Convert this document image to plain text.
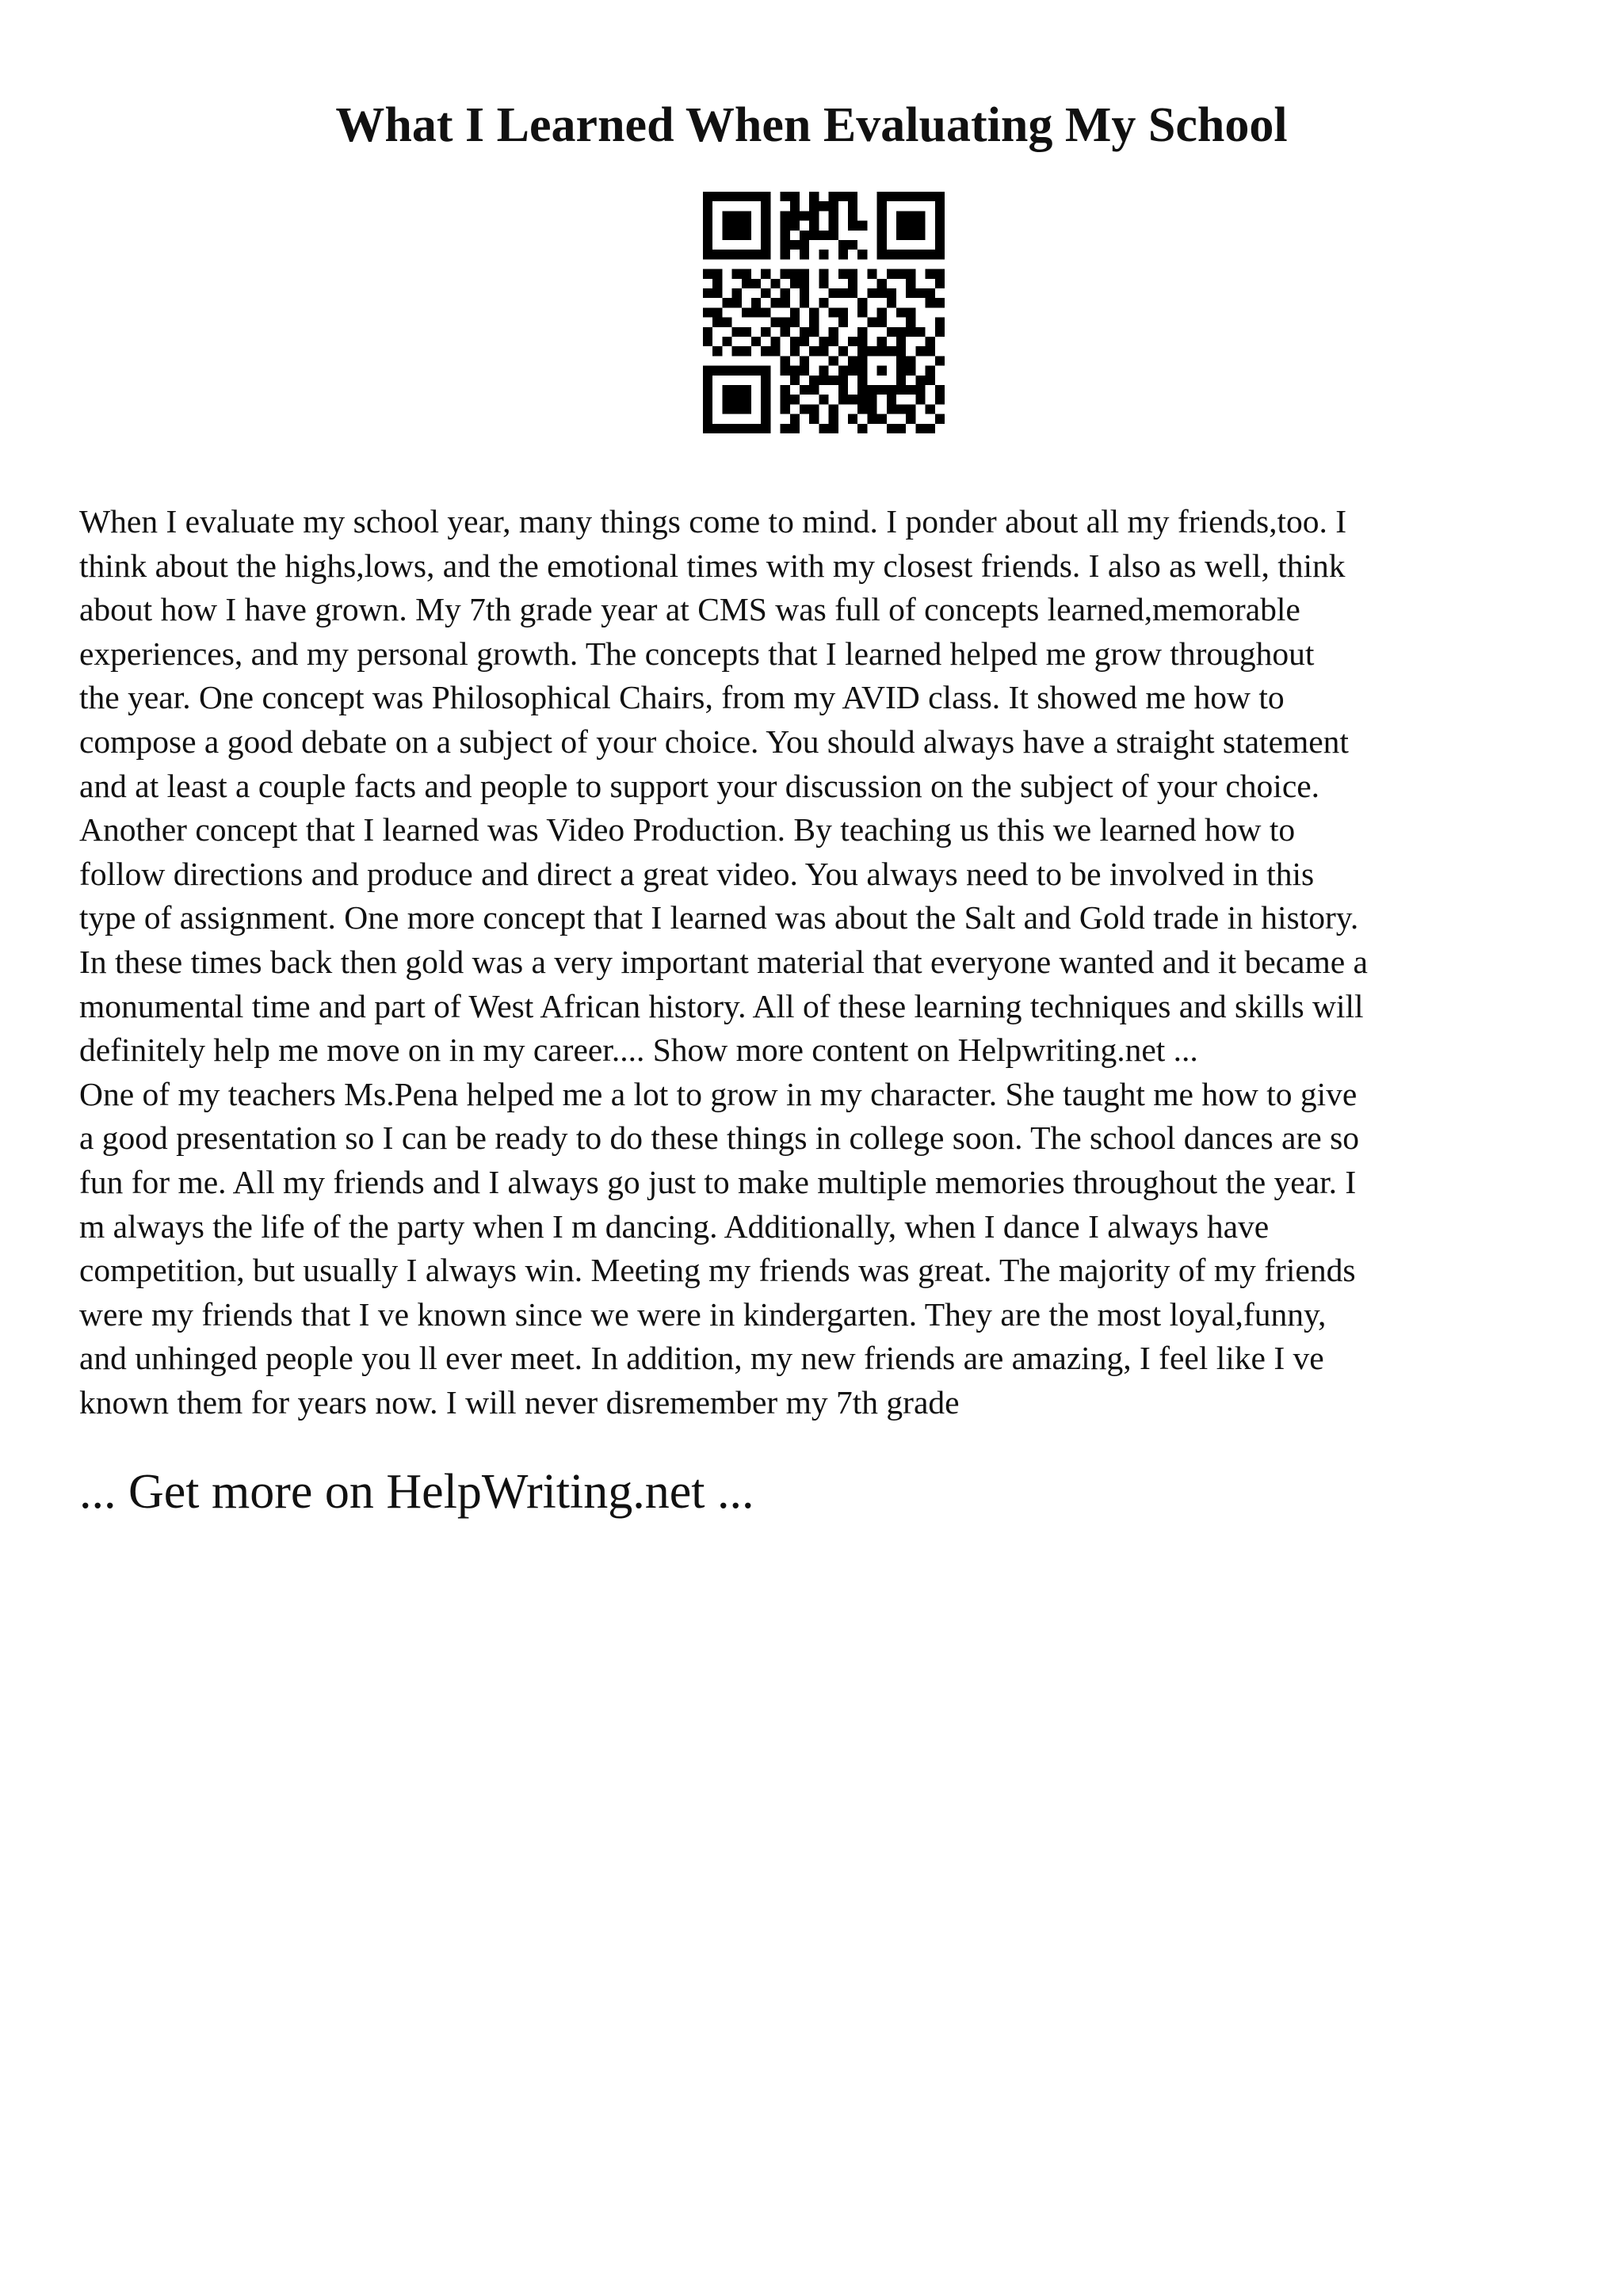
What I Learned When Evaluating My School

When I evaluate my school year, many things come to mind. I ponder about all my friends,too. I
think about the highs,lows, and the emotional times with my closest friends. I also as well, think
about how I have grown. My 7th grade year at CMS was full of concepts learned,memorable
experiences, and my personal growth. The concepts that I learned helped me grow throughout
the year. One concept was Philosophical Chairs, from my AVID class. It showed me how to
compose a good debate on a subject of your choice. You should always have a straight statement
and at least a couple facts and people to support your discussion on the subject of your choice.
Another concept that I learned was Video Production. By teaching us this we learned how to
follow directions and produce and direct a great video. You always need to be involved in this
type of assignment. One more concept that I learned was about the Salt and Gold trade in history.
In these times back then gold was a very important material that everyone wanted and it became a
monumental time and part of West African history. All of these learning techniques and skills will
definitely help me move on in my career.... Show more content on Helpwriting.net ...

One of my teachers Ms.Pena helped me a lot to grow in my character. She taught me how to give
a good presentation so I can be ready to do these things in college soon. The school dances are so
fun for me. All my friends and I always go just to make multiple memories throughout the year. I
m always the life of the party when I m dancing. Additionally, when I dance I always have
competition, but usually I always win. Meeting my friends was great. The majority of my friends
were my friends that I ve known since we were in kindergarten. They are the most loyal,funny,
and unhinged people you ll ever meet. In addition, my new friends are amazing, I feel like I ve
known them for years now. I will never disremember my 7th grade

... Get more on HelpWriting.net ...
